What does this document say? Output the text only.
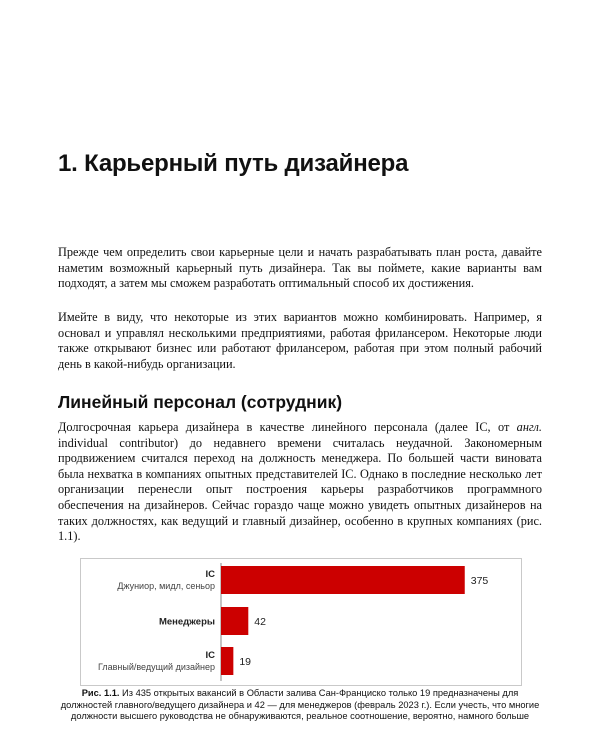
1. Карьерный путь дизайнера

Прежде чем определить свои карьерные цели и начать разрабатывать план роста, давайте наметим возможный карьерный путь дизайнера. Так вы поймете, какие варианты вам подходят, а затем мы сможем разработать оптимальный способ их достижения.

Имейте в виду, что некоторые из этих вариантов можно комбинировать. Например, я основал и управлял несколькими предприятиями, работая фрилансером. Некоторые люди также открывают бизнес или работают фрилансером, работая при этом полный рабочий день в какой-нибудь организации.

Линейный персонал (сотрудник)

Долгосрочная карьера дизайнера в качестве линейного персонала (далее IC, от англ. individual contributor) до недавнего времени считалась неудачной. Закономерным продвижением считался переход на должность менеджера. По большей части виновата была нехватка в компаниях опытных представителей IC. Однако в последние несколько лет организации перенесли опыт построения карьеры разработчиков программного обеспечения на дизайнеров. Сейчас гораздо чаще можно увидеть опытных дизайнеров на таких должностях, как ведущий и главный дизайнер, особенно в крупных компаниях (рис. 1.1).

375
IC
Джуниор, мидл, сеньор
42
Менеджеры
19
IC
Главный/ведущий дизайнер

Рис. 1.1. Из 435 открытых вакансий в Области залива Сан-Франциско только 19 предназначены для должностей главного/ведущего дизайнера и 42 — для менеджеров (февраль 2023 г.). Если учесть, что многие должности высшего руководства не обнаруживаются, реальное соотношение, вероятно, намного больше
